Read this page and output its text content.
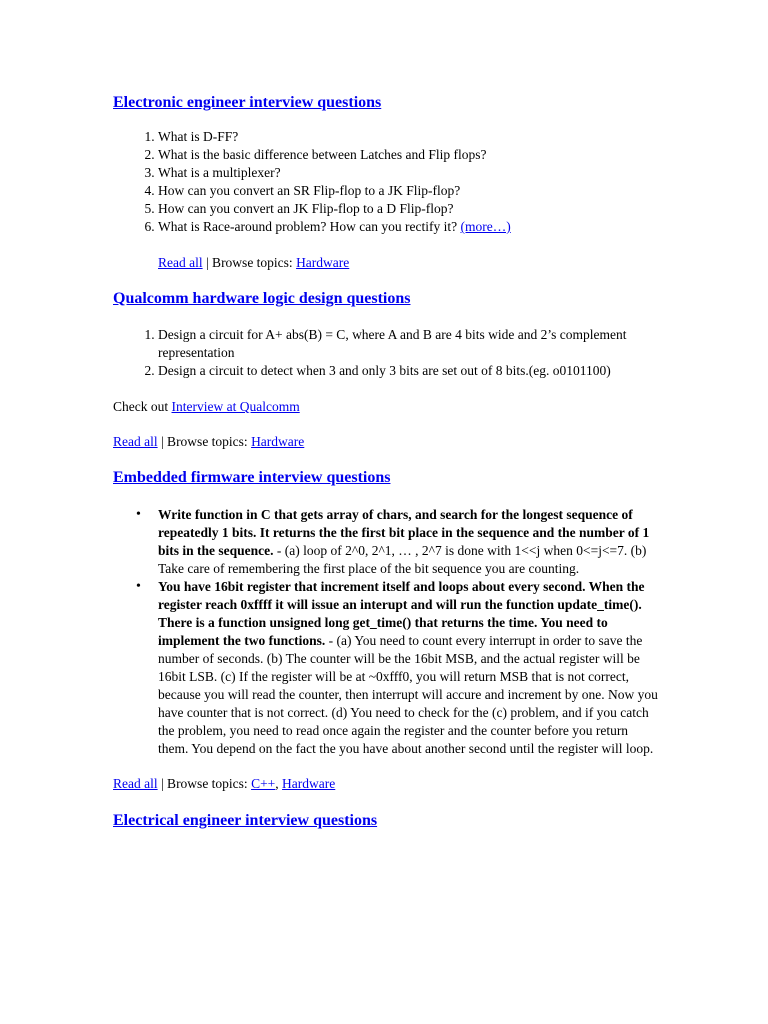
Electronic engineer interview questions
1. What is D-FF?
2. What is the basic difference between Latches and Flip flops?
3. What is a multiplexer?
4. How can you convert an SR Flip-flop to a JK Flip-flop?
5. How can you convert an JK Flip-flop to a D Flip-flop?
6. What is Race-around problem? How can you rectify it? (more…)

Read all | Browse topics: Hardware

Qualcomm hardware logic design questions
1. Design a circuit for A+ abs(B) = C, where A and B are 4 bits wide and 2’s complement representation
2. Design a circuit to detect when 3 and only 3 bits are set out of 8 bits.(eg. o0101100)

Check out Interview at Qualcomm

Read all | Browse topics: Hardware

Embedded firmware interview questions
• Write function in C that gets array of chars, and search for the longest sequence of repeatedly 1 bits. It returns the the first bit place in the sequence and the number of 1 bits in the sequence. - (a) loop of 2^0, 2^1, … , 2^7 is done with 1<<j when 0<=j<=7. (b) Take care of remembering the first place of the bit sequence you are counting.
• You have 16bit register that increment itself and loops about every second. When the register reach 0xffff it will issue an interupt and will run the function update_time(). There is a function unsigned long get_time() that returns the time. You need to implement the two functions. - (a) You need to count every interrupt in order to save the number of seconds. (b) The counter will be the 16bit MSB, and the actual register will be 16bit LSB. (c) If the register will be at ~0xfff0, you will return MSB that is not correct, because you will read the counter, then interrupt will accure and increment by one. Now you have counter that is not correct. (d) You need to check for the (c) problem, and if you catch the problem, you need to read once again the register and the counter before you return them. You depend on the fact the you have about another second until the register will loop.

Read all | Browse topics: C++, Hardware

Electrical engineer interview questions
